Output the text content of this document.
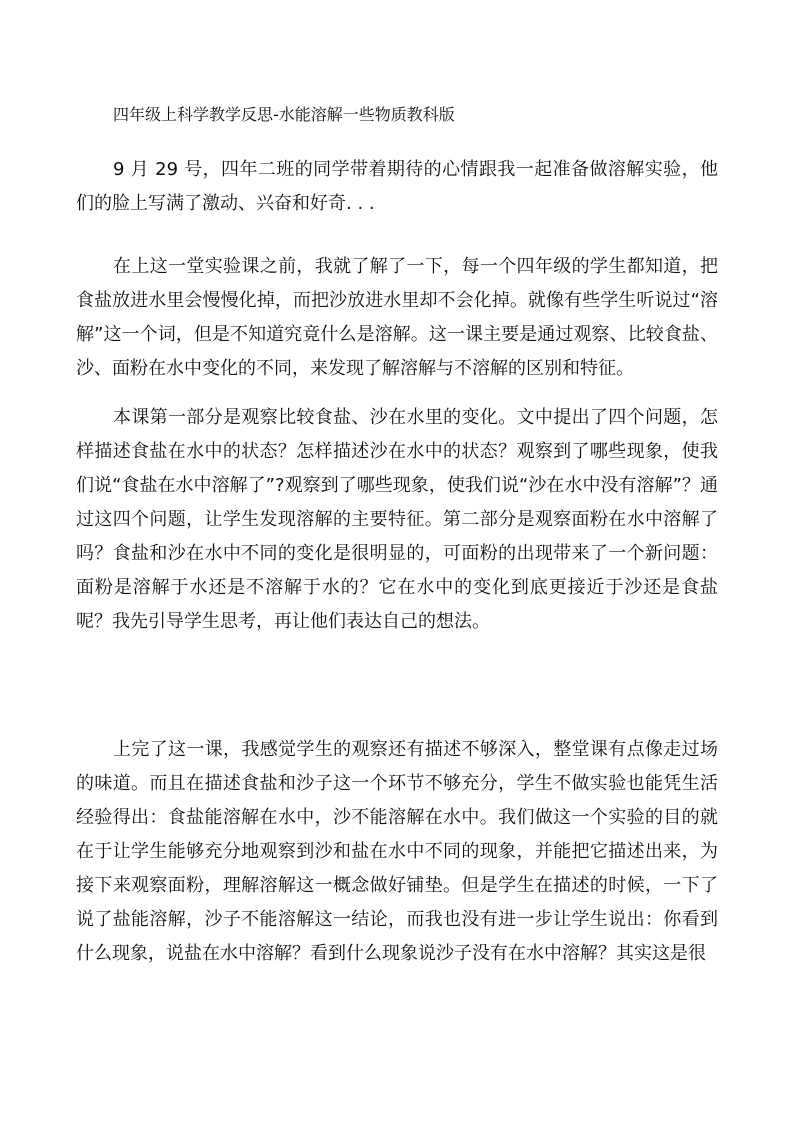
四年级上科学教学反思-水能溶解一些物质教科版

9 月 29 号，四年二班的同学带着期待的心情跟我一起准备做溶解实验，他们的脸上写满了激动、兴奋和好奇. . .

在上这一堂实验课之前，我就了解了一下，每一个四年级的学生都知道，把食盐放进水里会慢慢化掉，而把沙放进水里却不会化掉。就像有些学生听说过“溶解”这一个词，但是不知道究竟什么是溶解。这一课主要是通过观察、比较食盐、沙、面粉在水中变化的不同，来发现了解溶解与不溶解的区别和特征。

本课第一部分是观察比较食盐、沙在水里的变化。文中提出了四个问题，怎样描述食盐在水中的状态？怎样描述沙在水中的状态？观察到了哪些现象，使我们说“食盐在水中溶解了”?观察到了哪些现象，使我们说“沙在水中没有溶解”？通过这四个问题，让学生发现溶解的主要特征。第二部分是观察面粉在水中溶解了吗？食盐和沙在水中不同的变化是很明显的，可面粉的出现带来了一个新问题：面粉是溶解于水还是不溶解于水的？它在水中的变化到底更接近于沙还是食盐呢？我先引导学生思考，再让他们表达自己的想法。

上完了这一课，我感觉学生的观察还有描述不够深入，整堂课有点像走过场的味道。而且在描述食盐和沙子这一个环节不够充分，学生不做实验也能凭生活经验得出：食盐能溶解在水中，沙不能溶解在水中。我们做这一个实验的目的就在于让学生能够充分地观察到沙和盐在水中不同的现象，并能把它描述出来，为接下来观察面粉，理解溶解这一概念做好铺垫。但是学生在描述的时候，一下了说了盐能溶解，沙子不能溶解这一结论，而我也没有进一步让学生说出：你看到什么现象，说盐在水中溶解？看到什么现象说沙子没有在水中溶解？其实这是很
